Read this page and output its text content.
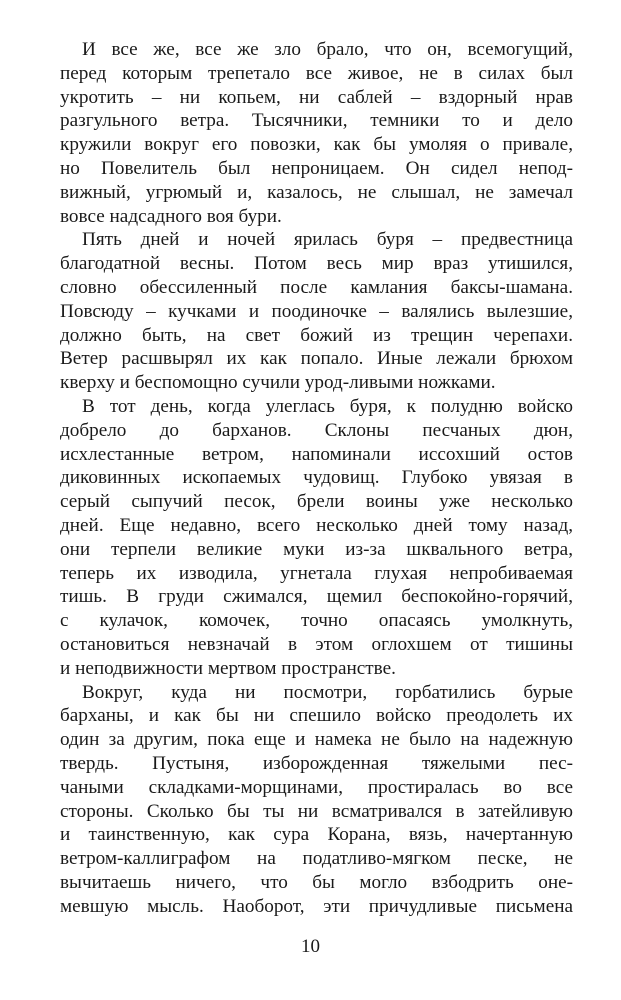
И все же, все же зло брало, что он, всемогущий,
перед которым трепетало все живое, не в силах был
укротить – ни копьем, ни саблей – вздорный нрав
разгульного ветра. Тысячники, темники то и дело
кружили вокруг его повозки, как бы умоляя о привале,
но Повелитель был непроницаем. Он сидел непод-
вижный, угрюмый и, казалось, не слышал, не замечал
вовсе надсадного воя бури.
Пять дней и ночей ярилась буря – предвестница
благодатной весны. Потом весь мир враз утишился,
словно обессиленный после камлания баксы-шамана.
Повсюду – кучками и поодиночке – валялись вылезшие,
должно быть, на свет божий из трещин черепахи.
Ветер расшвырял их как попало. Иные лежали брюхом
кверху и беспомощно сучили урод-ливыми ножками.
В тот день, когда улеглась буря, к полудню войско
добрело до барханов. Склоны песчаных дюн,
исхлестанные ветром, напоминали иссохший остов
диковинных ископаемых чудовищ. Глубоко увязая в
серый сыпучий песок, брели воины уже несколько
дней. Еще недавно, всего несколько дней тому назад,
они терпели великие муки из-за шквального ветра,
теперь их изводила, угнетала глухая непробиваемая
тишь. В груди сжимался, щемил беспокойно-горячий,
с кулачок, комочек, точно опасаясь умолкнуть,
остановиться невзначай в этом оглохшем от тишины
и неподвижности мертвом пространстве.
Вокруг, куда ни посмотри, горбатились бурые
барханы, и как бы ни спешило войско преодолеть их
один за другим, пока еще и намека не было на надежную
твердь. Пустыня, изборожденная тяжелыми пес-
чаными складками-морщинами, простиралась во все
стороны. Сколько бы ты ни всматривался в затейливую
и таинственную, как сура Корана, вязь, начертанную
ветром-каллиграфом на податливо-мягком песке, не
вычитаешь ничего, что бы могло взбодрить оне-
мевшую мысль. Наоборот, эти причудливые письмена
10
